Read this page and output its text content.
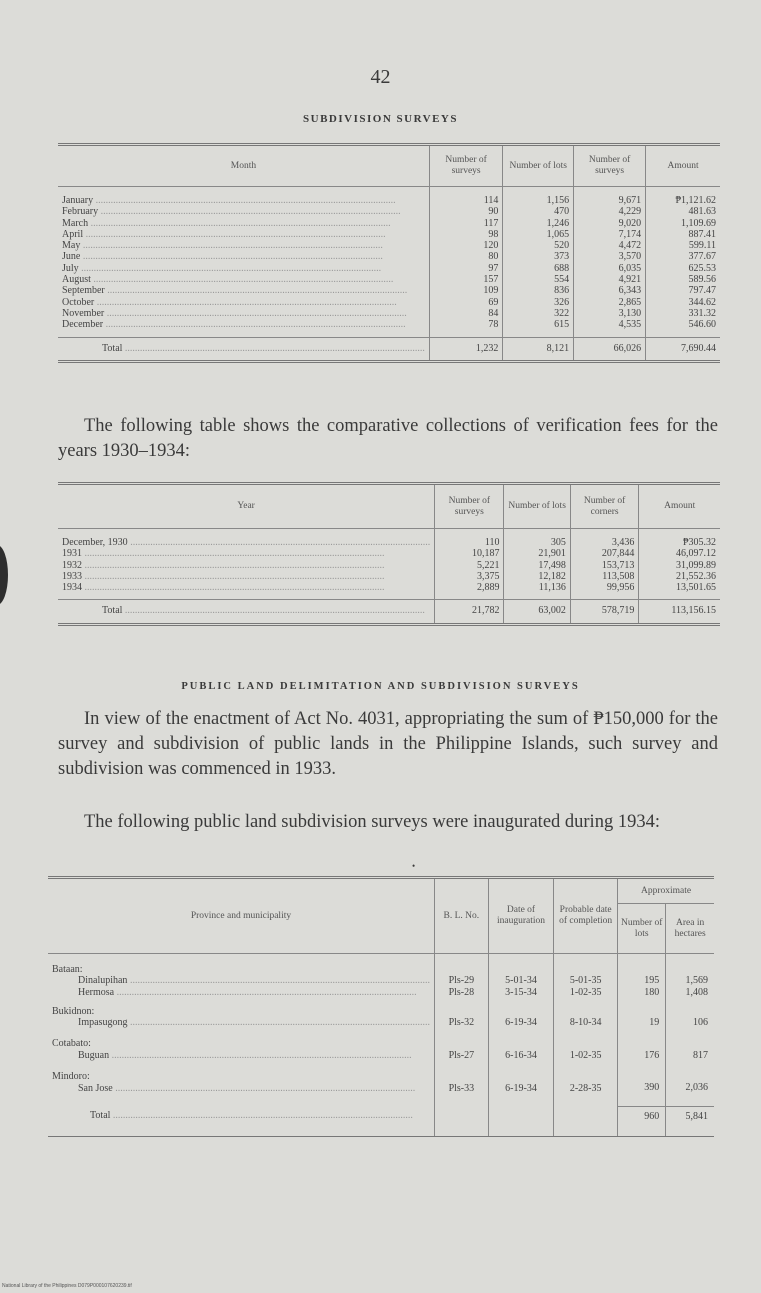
42
SUBDIVISION SURVEYS
Month	Number of surveys	Number of lots	Number of surveys	Amount
January ........................................................................................................................	114	1,156	9,671	₱1,121.62
February ........................................................................................................................	90	470	4,229	481.63
March ........................................................................................................................	117	1,246	9,020	1,109.69
April ........................................................................................................................	98	1,065	7,174	887.41
May ........................................................................................................................	120	520	4,472	599.11
June ........................................................................................................................	80	373	3,570	377.67
July ........................................................................................................................	97	688	6,035	625.53
August ........................................................................................................................	157	554	4,921	589.56
September ........................................................................................................................	109	836	6,343	797.47
October ........................................................................................................................	69	326	2,865	344.62
November ........................................................................................................................	84	322	3,130	331.32
December ........................................................................................................................	78	615	4,535	546.60
Total ........................................................................................................................	1,232	8,121	66,026	7,690.44
The following table shows the comparative collections of verification fees for the years 1930–1934:
Year	Number of surveys	Number of lots	Number of corners	Amount
December, 1930 ........................................................................................................................	110	305	3,436	₱305.32
1931 ........................................................................................................................	10,187	21,901	207,844	46,097.12
1932 ........................................................................................................................	5,221	17,498	153,713	31,099.89
1933 ........................................................................................................................	3,375	12,182	113,508	21,552.36
1934 ........................................................................................................................	2,889	11,136	99,956	13,501.65
Total ........................................................................................................................	21,782	63,002	578,719	113,156.15
PUBLIC LAND DELIMITATION AND SUBDIVISION SURVEYS
In view of the enactment of Act No. 4031, appropriating the sum of ₱150,000 for the survey and subdivision of public lands in the Philippine Islands, such survey and subdivision was commenced in 1933.
The following public land subdivision surveys were inaugurated during 1934:
•
Province and municipality	B. L. No.	Date of inauguration	Probable date of completion	Approximate	
				Number of lots	Area in hectares
Bataan:					
Dinalupihan ........................................................................................................................	Pls-29	5-01-34	5-01-35	195	1,569
Hermosa ........................................................................................................................	Pls-28	3-15-34	1-02-35	180	1,408
Bukidnon:					
Impasugong ........................................................................................................................	Pls-32	6-19-34	8-10-34	19	106
Cotabato:					
Buguan ........................................................................................................................	Pls-27	6-16-34	1-02-35	176	817
Mindoro:					
San Jose ........................................................................................................................	Pls-33	6-19-34	2-28-35	390	2,036
Total ........................................................................................................................				960	5,841
National Library of the Philippines D079P000107620239.tif
